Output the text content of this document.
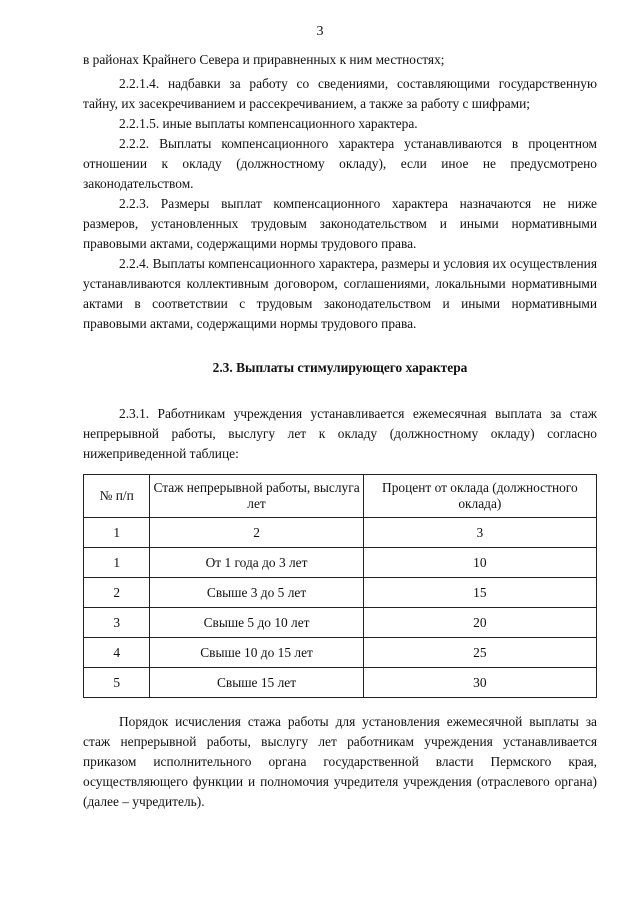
3

в районах Крайнего Севера и приравненных к ним местностях;

2.2.1.4. надбавки за работу со сведениями, составляющими государственную тайну, их засекречиванием и рассекречиванием, а также за работу с шифрами;

2.2.1.5. иные выплаты компенсационного характера.

2.2.2. Выплаты компенсационного характера устанавливаются в процентном отношении к окладу (должностному окладу), если иное не предусмотрено законодательством.

2.2.3. Размеры выплат компенсационного характера назначаются не ниже размеров, установленных трудовым законодательством и иными нормативными правовыми актами, содержащими нормы трудового права.

2.2.4. Выплаты компенсационного характера, размеры и условия их осуществления устанавливаются коллективным договором, соглашениями, локальными нормативными актами в соответствии с трудовым законодательством и иными нормативными правовыми актами, содержащими нормы трудового права.

2.3. Выплаты стимулирующего характера

2.3.1. Работникам учреждения устанавливается ежемесячная выплата за стаж непрерывной работы, выслугу лет к окладу (должностному окладу) согласно нижеприведенной таблице:

№ п/п	Стаж непрерывной работы, выслуга лет	Процент от оклада (должностного оклада)
1	2	3
1	От 1 года до 3 лет	10
2	Свыше 3 до 5 лет	15
3	Свыше 5 до 10 лет	20
4	Свыше 10 до 15 лет	25
5	Свыше 15 лет	30

Порядок исчисления стажа работы для установления ежемесячной выплаты за стаж непрерывной работы, выслугу лет работникам учреждения устанавливается приказом исполнительного органа государственной власти Пермского края, осуществляющего функции и полномочия учредителя учреждения (отраслевого органа) (далее – учредитель).
